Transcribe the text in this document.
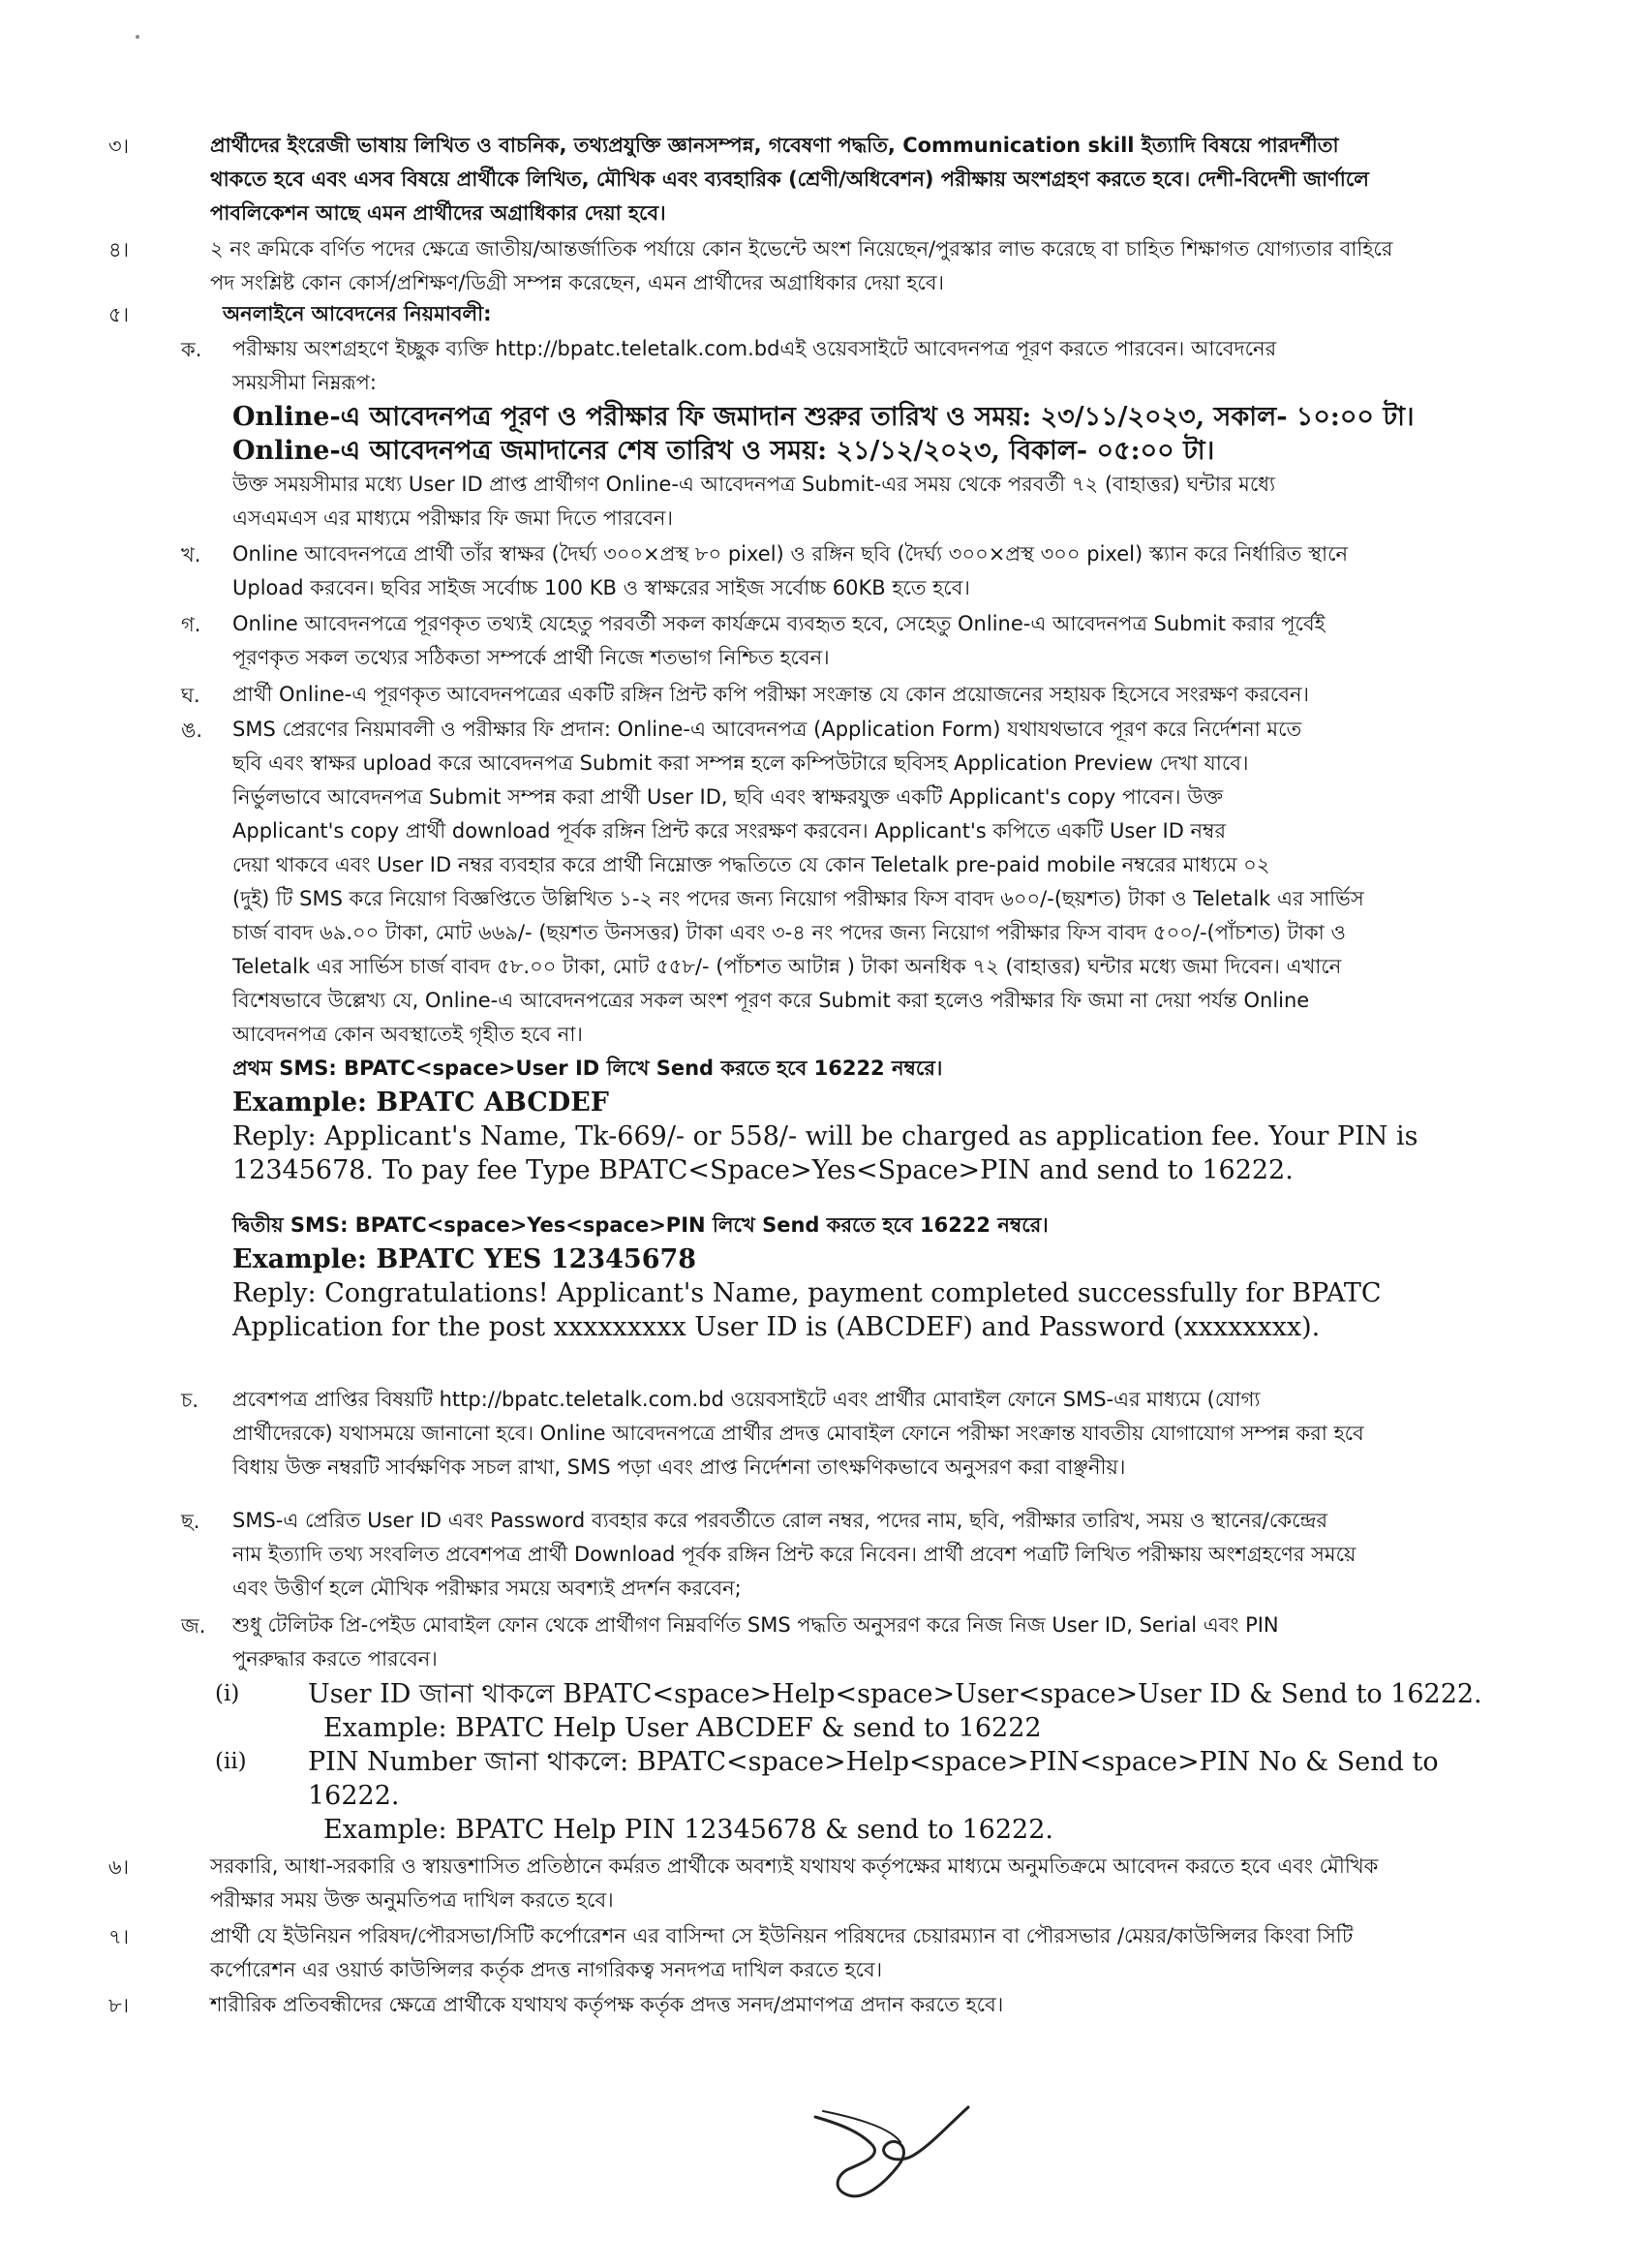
৩।	প্রার্থীদের ইংরেজী ভাষায় লিখিত ও বাচনিক, তথ্যপ্রযুক্তি জ্ঞানসম্পন্ন, গবেষণা পদ্ধতি, Communication skill ইত্যাদি বিষয়ে পারদর্শীতা
থাকতে হবে এবং এসব বিষয়ে প্রার্থীকে লিখিত, মৌখিক এবং ব্যবহারিক (শ্রেণী/অধিবেশন) পরীক্ষায় অংশগ্রহণ করতে হবে। দেশী-বিদেশী জার্ণালে
পাবলিকেশন আছে এমন প্রার্থীদের অগ্রাধিকার দেয়া হবে।
৪।	২ নং ক্রমিকে বর্ণিত পদের ক্ষেত্রে জাতীয়/আন্তর্জাতিক পর্যায়ে কোন ইভেন্টে অংশ নিয়েছেন/পুরস্কার লাভ করেছে বা চাহিত শিক্ষাগত যোগ্যতার বাহিরে
পদ সংশ্লিষ্ট কোন কোর্স/প্রশিক্ষণ/ডিগ্রী সম্পন্ন করেছেন, এমন প্রার্থীদের অগ্রাধিকার দেয়া হবে।
৫।	অনলাইনে আবেদনের নিয়মাবলী:
ক. পরীক্ষায় অংশগ্রহণে ইচ্ছুক ব্যক্তি http://bpatc.teletalk.com.bdএই ওয়েবসাইটে আবেদনপত্র পূরণ করতে পারবেন। আবেদনের
সময়সীমা নিম্নরূপ:
Online-এ আবেদনপত্র পূরণ ও পরীক্ষার ফি জমাদান শুরুর তারিখ ও সময়: ২৩/১১/২০২৩, সকাল- ১০:০০ টা।
Online-এ আবেদনপত্র জমাদানের শেষ তারিখ ও সময়: ২১/১২/২০২৩, বিকাল- ০৫:০০ টা।
উক্ত সময়সীমার মধ্যে User ID প্রাপ্ত প্রার্থীগণ Online-এ আবেদনপত্র Submit-এর সময় থেকে পরবর্তী ৭২ (বাহাত্তর) ঘন্টার মধ্যে
এসএমএস এর মাধ্যমে পরীক্ষার ফি জমা দিতে পারবেন।
খ. Online আবেদনপত্রে প্রার্থী তাঁর স্বাক্ষর (দৈর্ঘ্য ৩০০×প্রস্থ ৮০ pixel) ও রঙ্গিন ছবি (দৈর্ঘ্য ৩০০×প্রস্থ ৩০০ pixel) স্ক্যান করে নির্ধারিত স্থানে
Upload করবেন। ছবির সাইজ সর্বোচ্চ 100 KB ও স্বাক্ষরের সাইজ সর্বোচ্চ 60KB হতে হবে।
গ. Online আবেদনপত্রে পূরণকৃত তথ্যই যেহেতু পরবর্তী সকল কার্যক্রমে ব্যবহৃত হবে, সেহেতু Online-এ আবেদনপত্র Submit করার পূর্বেই
পূরণকৃত সকল তথ্যের সঠিকতা সম্পর্কে প্রার্থী নিজে শতভাগ নিশ্চিত হবেন।
ঘ. প্রার্থী Online-এ পূরণকৃত আবেদনপত্রের একটি রঙ্গিন প্রিন্ট কপি পরীক্ষা সংক্রান্ত যে কোন প্রয়োজনের সহায়ক হিসেবে সংরক্ষণ করবেন।
ঙ. SMS প্রেরণের নিয়মাবলী ও পরীক্ষার ফি প্রদান: Online-এ আবেদনপত্র (Application Form) যথাযথভাবে পূরণ করে নির্দেশনা মতে
ছবি এবং স্বাক্ষর upload করে আবেদনপত্র Submit করা সম্পন্ন হলে কম্পিউটারে ছবিসহ Application Preview দেখা যাবে।
নির্ভুলভাবে আবেদনপত্র Submit সম্পন্ন করা প্রার্থী User ID, ছবি এবং স্বাক্ষরযুক্ত একটি Applicant's copy পাবেন। উক্ত
Applicant's copy প্রার্থী download পূর্বক রঙ্গিন প্রিন্ট করে সংরক্ষণ করবেন। Applicant's কপিতে একটি User ID নম্বর
দেয়া থাকবে এবং User ID নম্বর ব্যবহার করে প্রার্থী নিম্নোক্ত পদ্ধতিতে যে কোন Teletalk pre-paid mobile নম্বরের মাধ্যমে ০২
(দুই) টি SMS করে নিয়োগ বিজ্ঞপ্তিতে উল্লিখিত ১-২ নং পদের জন্য নিয়োগ পরীক্ষার ফিস বাবদ ৬০০/-(ছয়শত) টাকা ও Teletalk এর সার্ভিস
চার্জ বাবদ ৬৯.০০ টাকা, মোট ৬৬৯/- (ছয়শত উনসত্তর) টাকা এবং ৩-৪ নং পদের জন্য নিয়োগ পরীক্ষার ফিস বাবদ ৫০০/-(পাঁচশত) টাকা ও
Teletalk এর সার্ভিস চার্জ বাবদ ৫৮.০০ টাকা, মোট ৫৫৮/- (পাঁচশত আটান্ন ) টাকা অনধিক ৭২ (বাহাত্তর) ঘন্টার মধ্যে জমা দিবেন। এখানে
বিশেষভাবে উল্লেখ্য যে, Online-এ আবেদনপত্রের সকল অংশ পূরণ করে Submit করা হলেও পরীক্ষার ফি জমা না দেয়া পর্যন্ত Online
আবেদনপত্র কোন অবস্থাতেই গৃহীত হবে না।
প্রথম SMS: BPATC<space>User ID লিখে Send করতে হবে 16222 নম্বরে।
Example: BPATC ABCDEF
Reply: Applicant's Name, Tk-669/- or 558/- will be charged as application fee. Your PIN is
12345678. To pay fee Type BPATC<Space>Yes<Space>PIN and send to 16222.
দ্বিতীয় SMS: BPATC<space>Yes<space>PIN লিখে Send করতে হবে 16222 নম্বরে।
Example: BPATC YES 12345678
Reply: Congratulations! Applicant's Name, payment completed successfully for BPATC
Application for the post xxxxxxxxx User ID is (ABCDEF) and Password (xxxxxxxx).
চ. প্রবেশপত্র প্রাপ্তির বিষয়টি http://bpatc.teletalk.com.bd ওয়েবসাইটে এবং প্রার্থীর মোবাইল ফোনে SMS-এর মাধ্যমে (যোগ্য
প্রার্থীদেরকে) যথাসময়ে জানানো হবে। Online আবেদনপত্রে প্রার্থীর প্রদত্ত মোবাইল ফোনে পরীক্ষা সংক্রান্ত যাবতীয় যোগাযোগ সম্পন্ন করা হবে
বিধায় উক্ত নম্বরটি সার্বক্ষণিক সচল রাখা, SMS পড়া এবং প্রাপ্ত নির্দেশনা তাৎক্ষণিকভাবে অনুসরণ করা বাঞ্ছনীয়।
ছ. SMS-এ প্রেরিত User ID এবং Password ব্যবহার করে পরবর্তীতে রোল নম্বর, পদের নাম, ছবি, পরীক্ষার তারিখ, সময় ও স্থানের/কেন্দ্রের
নাম ইত্যাদি তথ্য সংবলিত প্রবেশপত্র প্রার্থী Download পূর্বক রঙ্গিন প্রিন্ট করে নিবেন। প্রার্থী প্রবেশ পত্রটি লিখিত পরীক্ষায় অংশগ্রহণের সময়ে
এবং উত্তীর্ণ হলে মৌখিক পরীক্ষার সময়ে অবশ্যই প্রদর্শন করবেন;
জ. শুধু টেলিটক প্রি-পেইড মোবাইল ফোন থেকে প্রার্থীগণ নিম্নবর্ণিত SMS পদ্ধতি অনুসরণ করে নিজ নিজ User ID, Serial এবং PIN
পুনরুদ্ধার করতে পারবেন।
(i)	User ID জানা থাকলে BPATC<space>Help<space>User<space>User ID & Send to 16222.
Example: BPATC Help User ABCDEF & send to 16222
(ii) PIN Number জানা থাকলে: BPATC<space>Help<space>PIN<space>PIN No & Send to
16222.
Example: BPATC Help PIN 12345678 & send to 16222.
৬।	সরকারি, আধা-সরকারি ও স্বায়ত্তশাসিত প্রতিষ্ঠানে কর্মরত প্রার্থীকে অবশ্যই যথাযথ কর্তৃপক্ষের মাধ্যমে অনুমতিক্রমে আবেদন করতে হবে এবং মৌখিক
পরীক্ষার সময় উক্ত অনুমতিপত্র দাখিল করতে হবে।
৭।	প্রার্থী যে ইউনিয়ন পরিষদ/পৌরসভা/সিটি কর্পোরেশন এর বাসিন্দা সে ইউনিয়ন পরিষদের চেয়ারম্যান বা পৌরসভার /মেয়র/কাউন্সিলর কিংবা সিটি
কর্পোরেশন এর ওয়ার্ড কাউন্সিলর কর্তৃক প্রদত্ত নাগরিকত্ব সনদপত্র দাখিল করতে হবে।
৮।	শারীরিক প্রতিবন্ধীদের ক্ষেত্রে প্রার্থীকে যথাযথ কর্তৃপক্ষ কর্তৃক প্রদত্ত সনদ/প্রমাণপত্র প্রদান করতে হবে।
